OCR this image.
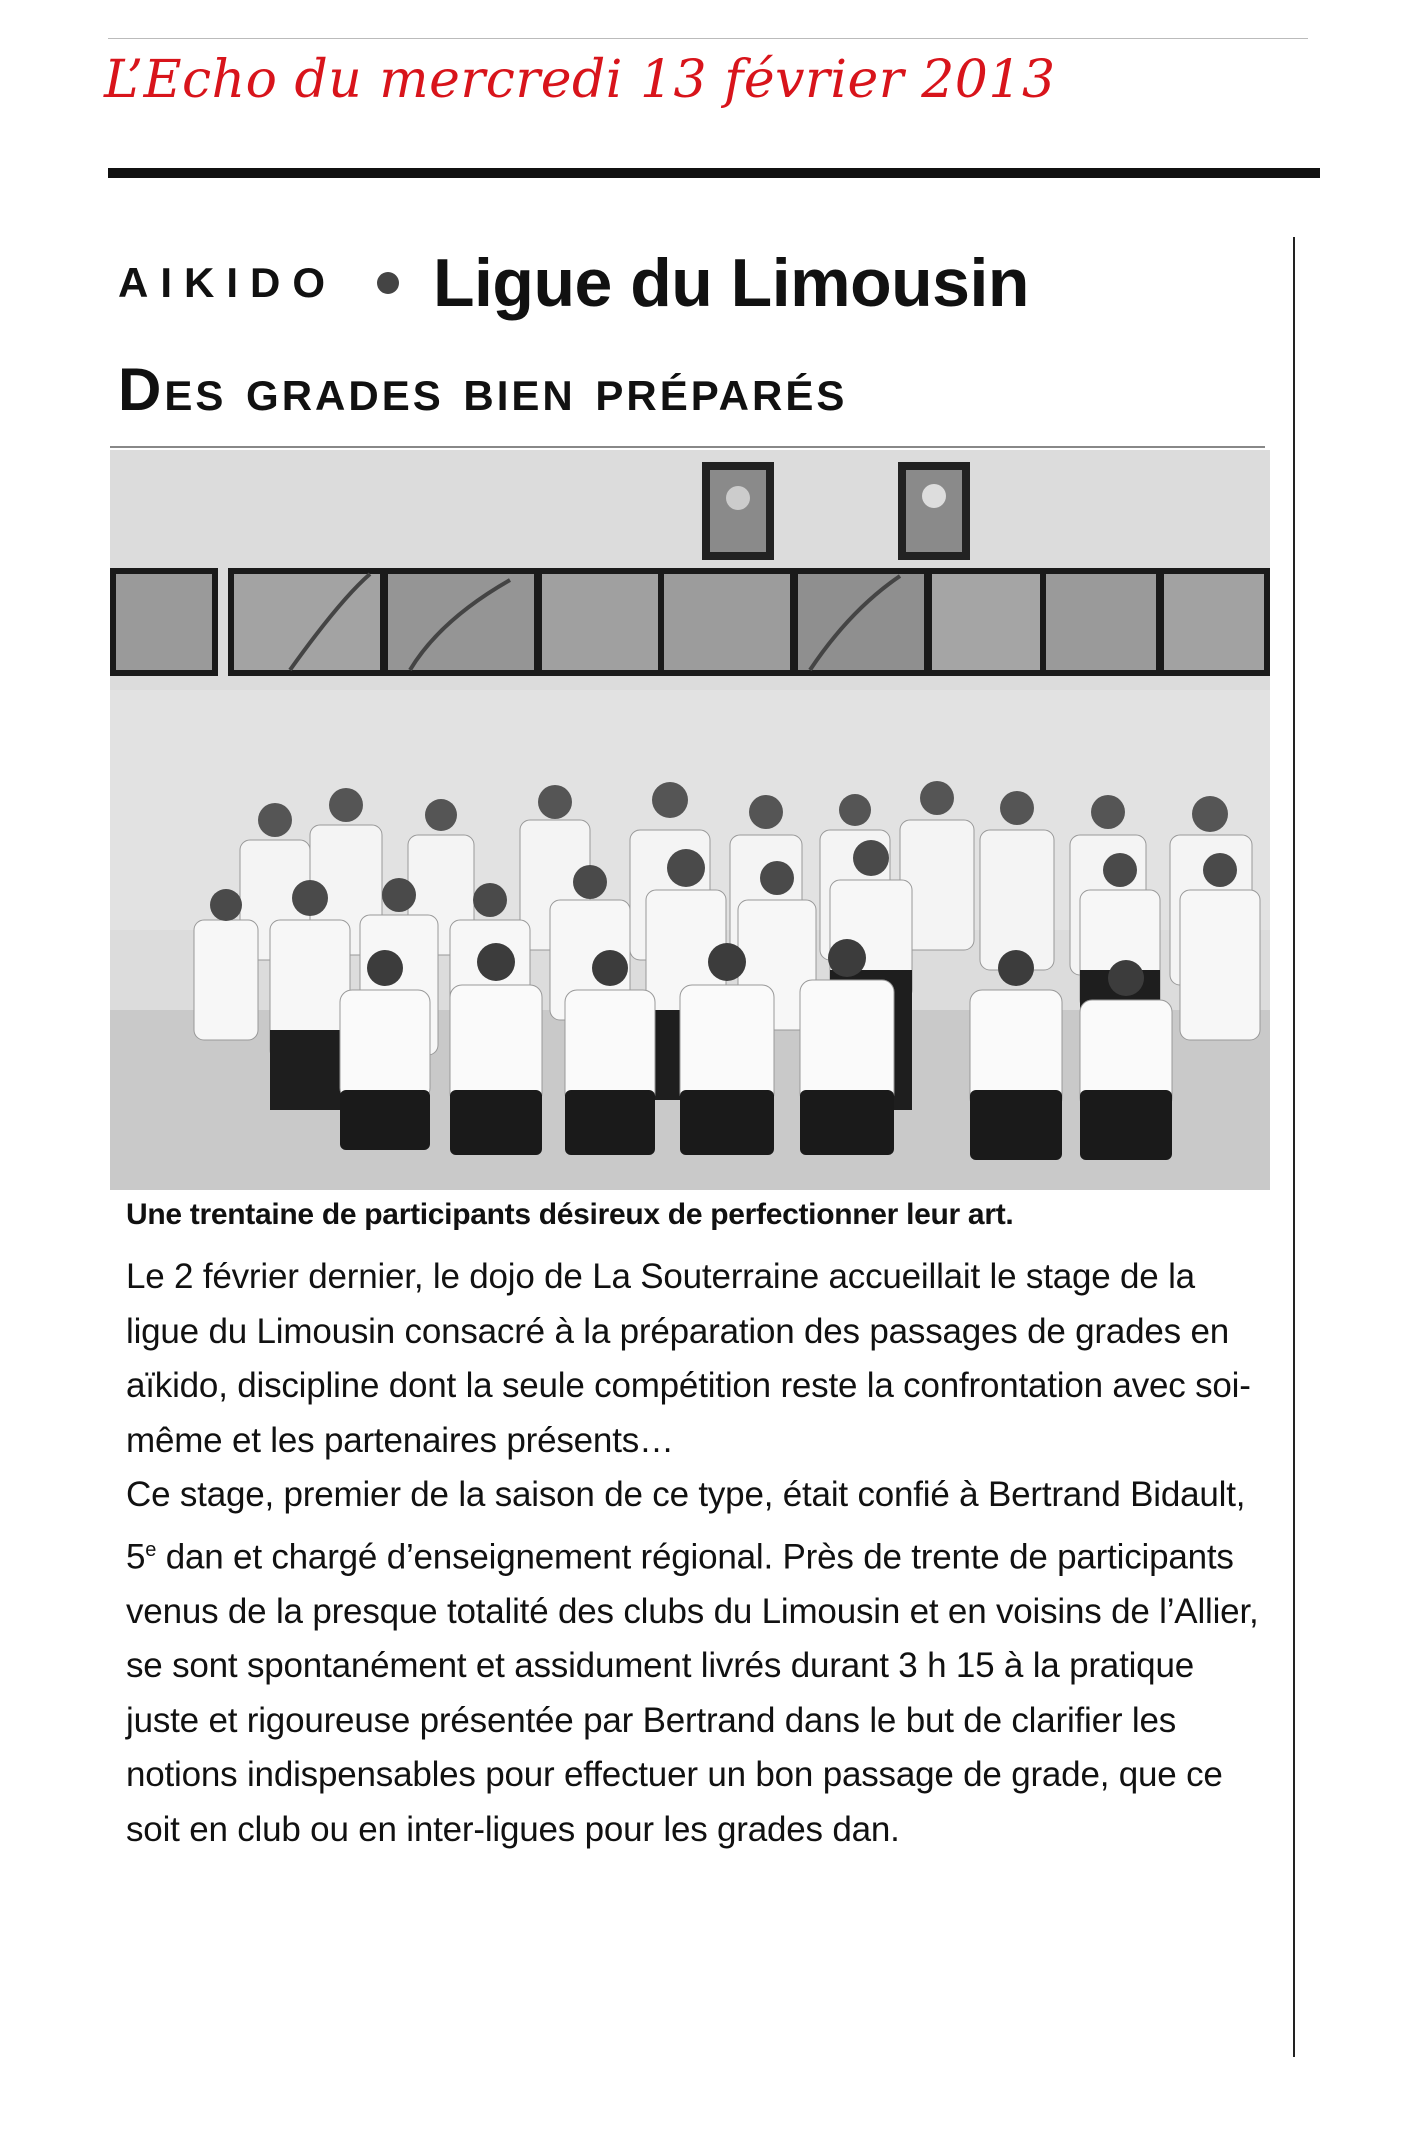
L’Echo du mercredi 13 février 2013
AIKIDO Ligue du Limousin
Des grades bien préparés
Une trentaine de participants désireux de perfectionner leur art.

Le 2 février dernier, le dojo de La Souterraine accueillait le stage de la ligue du Limousin consacré à la préparation des passages de grades en aïkido, discipline dont la seule compétition reste la confrontation avec soi-même et les partenaires présents…

Ce stage, premier de la saison de ce type, était confié à Bertrand Bidault, 5e dan et chargé d’enseignement régional. Près de trente de participants venus de la presque totalité des clubs du Limousin et en voisins de l’Allier, se sont spontanément et assidument livrés durant 3 h 15 à la pratique juste et rigoureuse présentée par Bertrand dans le but de clarifier les notions indispensables pour effectuer un bon passage de grade, que ce soit en club ou en inter-ligues pour les grades dan.
